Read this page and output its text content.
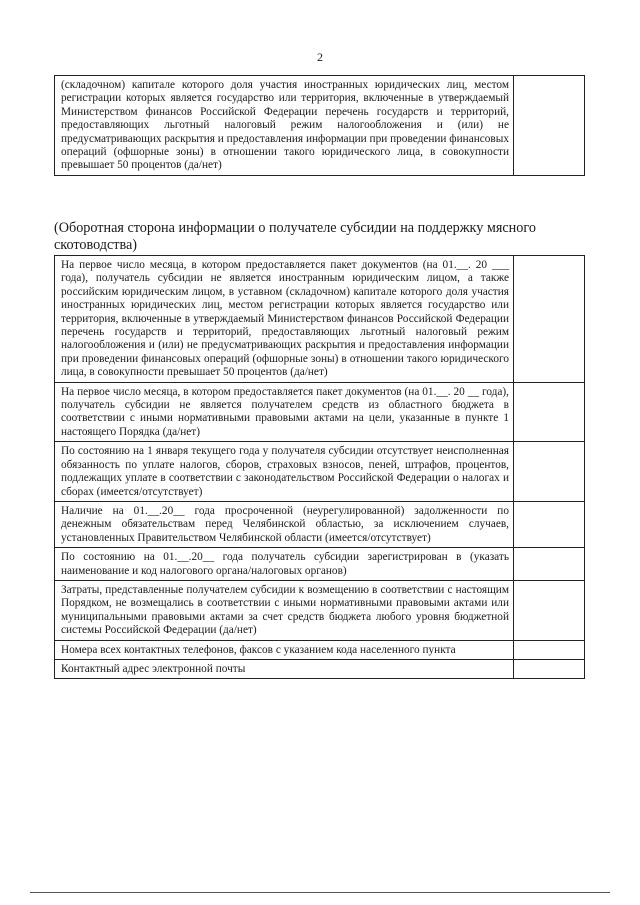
2
(складочном) капитале которого доля участия иностранных юридических лиц, местом регистрации которых является государство или территория, включенные в утверждаемый Министерством финансов Российской Федерации перечень государств и территорий, предоставляющих льготный налоговый режим налогообложения и (или) не предусматривающих раскрытия и предоставления информации при проведении финансовых операций (офшорные зоны) в отношении такого юридического лица, в совокупности превышает 50 процентов (да/нет)	
(Оборотная сторона информации о получателе субсидии на поддержку мясного скотоводства)
На первое число месяца, в котором предоставляется пакет документов (на 01.__. 20 ___ года), получатель субсидии не является иностранным юридическим лицом, а также российским юридическим лицом, в уставном (складочном) капитале которого доля участия иностранных юридических лиц, местом регистрации которых является государство или территория, включенные в утверждаемый Министерством финансов Российской Федерации перечень государств и территорий, предоставляющих льготный налоговый режим налогообложения и (или) не предусматривающих раскрытия и предоставления информации при проведении финансовых операций (офшорные зоны) в отношении такого юридического лица, в совокупности превышает 50 процентов (да/нет)	
На первое число месяца, в котором предоставляется пакет документов (на 01.__. 20 __ года), получатель субсидии не является получателем средств из областного бюджета в соответствии с иными нормативными правовыми актами на цели, указанные в пункте 1 настоящего Порядка (да/нет)	
По состоянию на 1 января текущего года у получателя субсидии отсутствует неисполненная обязанность по уплате налогов, сборов, страховых взносов, пеней, штрафов, процентов, подлежащих уплате в соответствии с законодательством Российской Федерации о налогах и сборах (имеется/отсутствует)	
Наличие на 01.__.20__ года просроченной (неурегулированной) задолженности по денежным обязательствам перед Челябинской областью, за исключением случаев, установленных Правительством Челябинской области (имеется/отсутствует)	
По состоянию на 01.__.20__ года получатель субсидии зарегистрирован в (указать наименование и код налогового органа/налоговых органов)	
Затраты, представленные получателем субсидии к возмещению в соответствии с настоящим Порядком, не возмещались в соответствии с иными нормативными правовыми актами или муниципальными правовыми актами за счет средств бюджета любого уровня бюджетной системы Российской Федерации (да/нет)	
Номера всех контактных телефонов, факсов с указанием кода населенного пункта	
Контактный адрес электронной почты	
